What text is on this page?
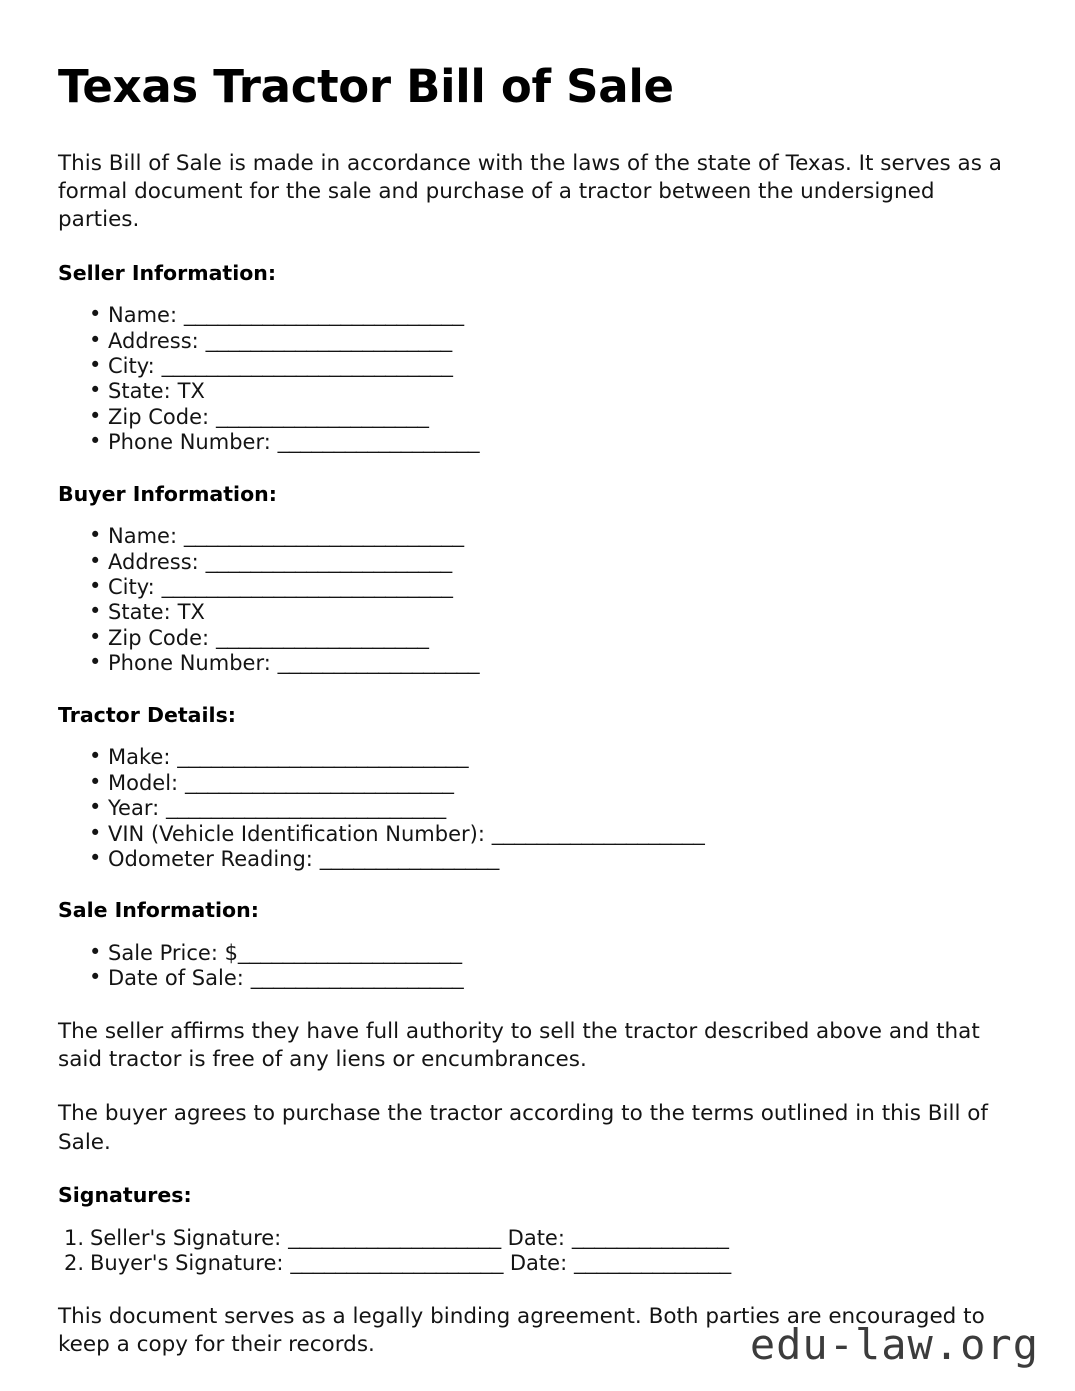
Texas Tractor Bill of Sale

This Bill of Sale is made in accordance with the laws of the state of Texas. It serves as a formal document for the sale and purchase of a tractor between the undersigned parties.

Seller Information:
• Name: _________________________
• Address: ______________________
• City: __________________________
• State: TX
• Zip Code: ___________________
• Phone Number: __________________
Buyer Information:
• Name: _________________________
• Address: ______________________
• City: __________________________
• State: TX
• Zip Code: ___________________
• Phone Number: __________________
Tractor Details:
• Make: __________________________
• Model: ________________________
• Year: _________________________
• VIN (Vehicle Identification Number): ___________________
• Odometer Reading: ________________
Sale Information:
• Sale Price: $____________________
• Date of Sale: ___________________

The seller affirms they have full authority to sell the tractor described above and that said tractor is free of any liens or encumbrances.

The buyer agrees to purchase the tractor according to the terms outlined in this Bill of Sale.

Signatures:
Seller's Signature: ___________________ Date: ______________
Buyer's Signature: ___________________ Date: ______________

This document serves as a legally binding agreement. Both parties are encouraged to keep a copy for their records.	edu-law.org
